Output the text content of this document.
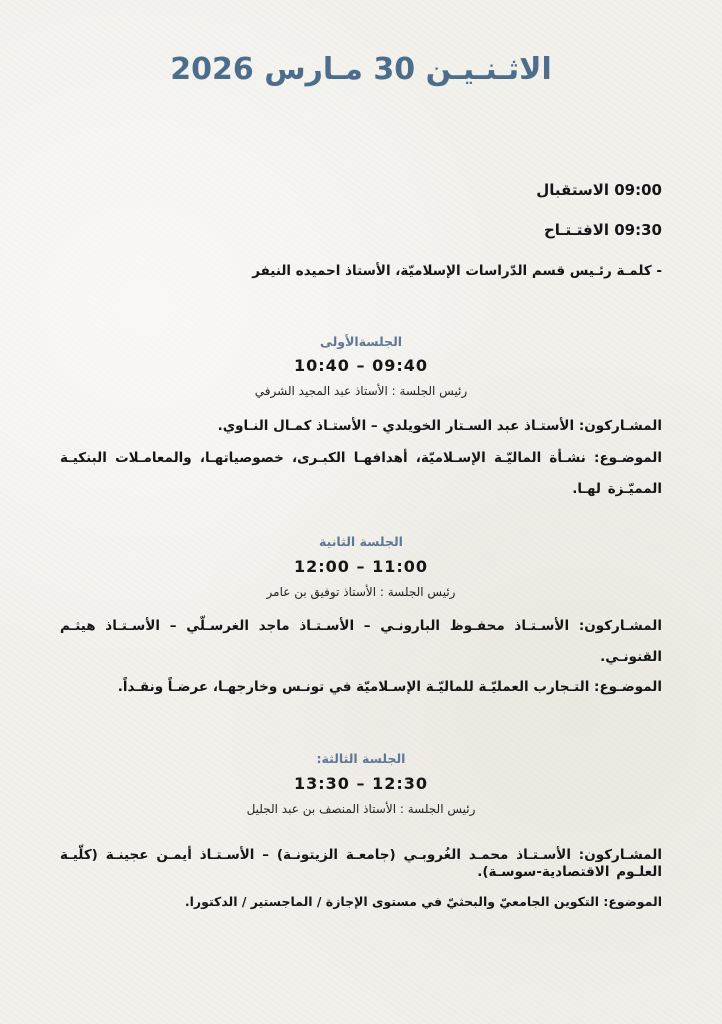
الاثـنـيـن 30 مـارس 2026
09:00 الاستقبال
09:30 الافتـتـاح
- كلمـة رئـيس قسم الدّراسات الإسلاميّة، الأستاذ احميده النيفر
الجلسةالأولى
09:40 – 10:40
رئيس الجلسة : الأستاذ عبد المجيد الشرفي
المشـاركون: الأستـاذ عبد السـتار الخويلدي – الأستـاذ كمـال النـاوي.
الموضـوع: نشـأة الماليّـة الإسـلاميّة، أهدافهـا الكبـرى، خصوصياتهـا، والمعامـلات البنكيـة المميّـزة لهـا.
الجلسة الثانية
11:00 – 12:00
رئيس الجلسة : الأستاذ توفيق بن عامر
المشـاركون: الأسـتـاذ محفـوظ البارونـي – الأسـتـاذ ماجد الغرسـلّي – الأسـتـاذ هيثـم القنونـي.
الموضـوع: التـجارب العمليّـة للماليّـة الإسـلاميّة في تونـس وخارجهـا، عرضـاً ونقـداً.
الجلسة الثالثة:
12:30 – 13:30
رئيس الجلسة : الأستاذ المنصف بن عبد الجليل
المشـاركون: الأسـتـاذ محمـد الغُروبـي (جامعـة الزيتونـة) – الأسـتـاذ أيمـن عجينـة (كلّيـة العلـوم الاقتصادية-سوسـة).
الموضوع: التكوين الجامعيّ والبحثيّ في مستوى الإجازة / الماجستير / الدكتورا.
